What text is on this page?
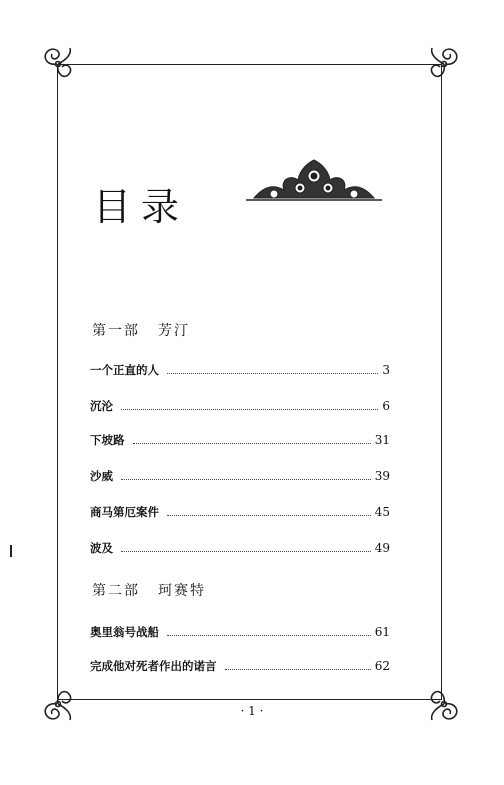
目录
第一部 芳汀
一个正直的人	3
沉沦	6
下坡路	31
沙威	39
商马第厄案件	45
波及	49
第二部 珂赛特
奥里翁号战船	61
完成他对死者作出的诺言	62
· 1 ·
